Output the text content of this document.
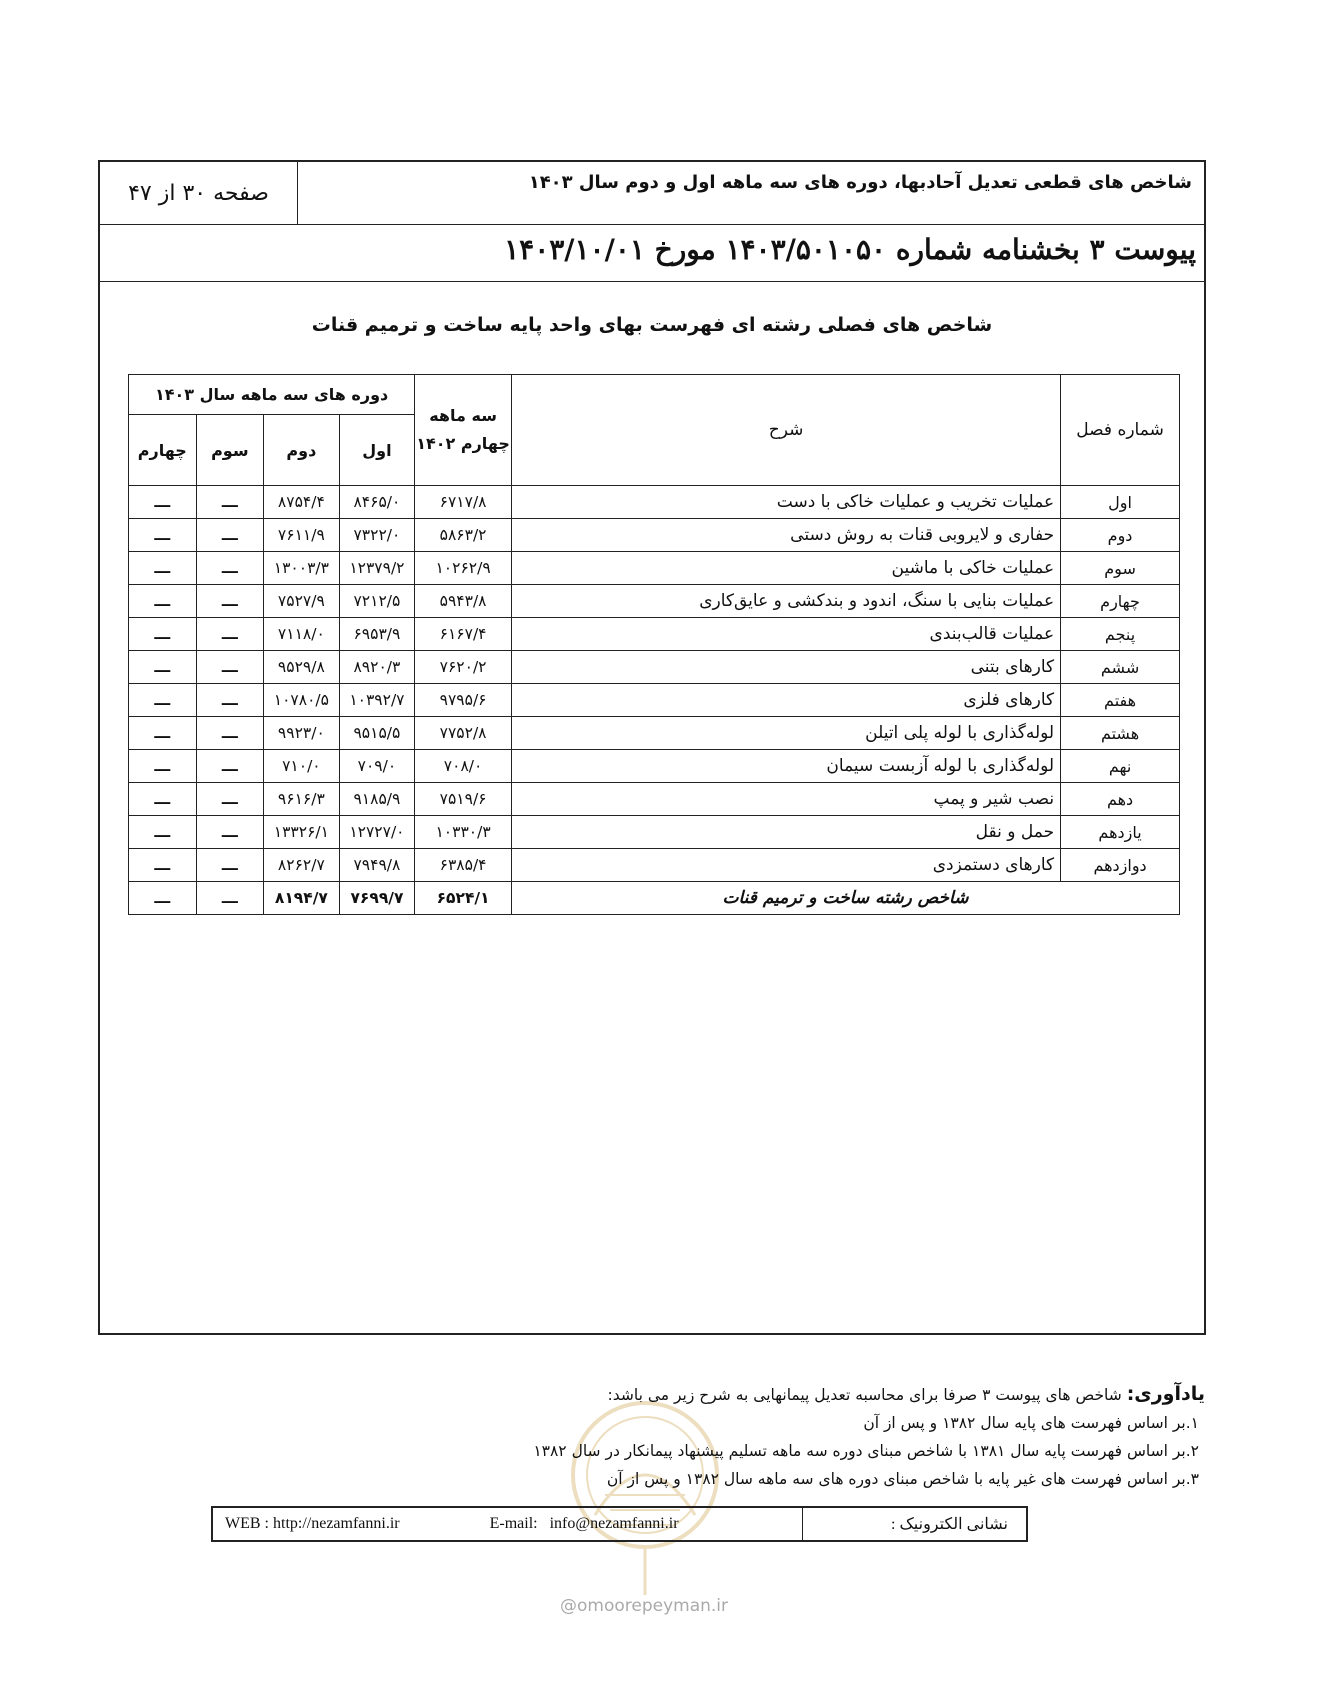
شاخص های قطعی تعدیل آحادبها، دوره های سه ماهه اول و دوم سال ۱۴۰۳
صفحه ۳۰ از ۴۷
پیوست ۳ بخشنامه شماره ۱۴۰۳/۵۰۱۰۵۰ مورخ ۱۴۰۳/۱۰/۰۱
شاخص های فصلی رشته ای فهرست بهای واحد پایه ساخت و ترمیم قنات
شماره فصل	شرح	سه ماهه چهارم ۱۴۰۲	دوره های سه ماهه سال ۱۴۰۳			
			اول	دوم	سوم	چهارم
اول	عملیات تخریب و عملیات خاکی با دست	۶۷۱۷/۸	۸۴۶۵/۰	۸۷۵۴/۴	ـــ	ـــ
دوم	حفاری و لایروبی قنات به روش دستی	۵۸۶۳/۲	۷۳۲۲/۰	۷۶۱۱/۹	ـــ	ـــ
سوم	عملیات خاکی با ماشین	۱۰۲۶۲/۹	۱۲۳۷۹/۲	۱۳۰۰۳/۳	ـــ	ـــ
چهارم	عملیات بنایی با سنگ، اندود و بندکشی و عایق‌کاری	۵۹۴۳/۸	۷۲۱۲/۵	۷۵۲۷/۹	ـــ	ـــ
پنجم	عملیات قالب‌بندی	۶۱۶۷/۴	۶۹۵۳/۹	۷۱۱۸/۰	ـــ	ـــ
ششم	کارهای بتنی	۷۶۲۰/۲	۸۹۲۰/۳	۹۵۲۹/۸	ـــ	ـــ
هفتم	کارهای فلزی	۹۷۹۵/۶	۱۰۳۹۲/۷	۱۰۷۸۰/۵	ـــ	ـــ
هشتم	لوله‌گذاری با لوله پلی اتیلن	۷۷۵۲/۸	۹۵۱۵/۵	۹۹۲۳/۰	ـــ	ـــ
نهم	لوله‌گذاری با لوله آزبست سیمان	۷۰۸/۰	۷۰۹/۰	۷۱۰/۰	ـــ	ـــ
دهم	نصب شیر و پمپ	۷۵۱۹/۶	۹۱۸۵/۹	۹۶۱۶/۳	ـــ	ـــ
یازدهم	حمل و نقل	۱۰۳۳۰/۳	۱۲۷۲۷/۰	۱۳۳۲۶/۱	ـــ	ـــ
دوازدهم	کارهای دستمزدی	۶۳۸۵/۴	۷۹۴۹/۸	۸۲۶۲/۷	ـــ	ـــ
شاخص رشته ساخت و ترمیم قنات		۶۵۲۴/۱	۷۶۹۹/۷	۸۱۹۴/۷	ـــ	ـــ
@omoorepeyman.ir
یادآوری: شاخص های پیوست ۳ صرفا برای محاسبه تعدیل پیمانهایی به شرح زیر می باشد:
۱.بر اساس فهرست های پایه سال ۱۳۸۲ و پس از آن
۲.بر اساس فهرست پایه سال ۱۳۸۱ با شاخص مبنای دوره سه ماهه تسلیم پیشنهاد پیمانکار در سال ۱۳۸۲
۳.بر اساس فهرست های غیر پایه با شاخص مبنای دوره های سه ماهه سال ۱۳۸۲ و پس از آن
نشانی الکترونیک :
WEB : http://nezamfanni.ir	E-mail: info@nezamfanni.ir
